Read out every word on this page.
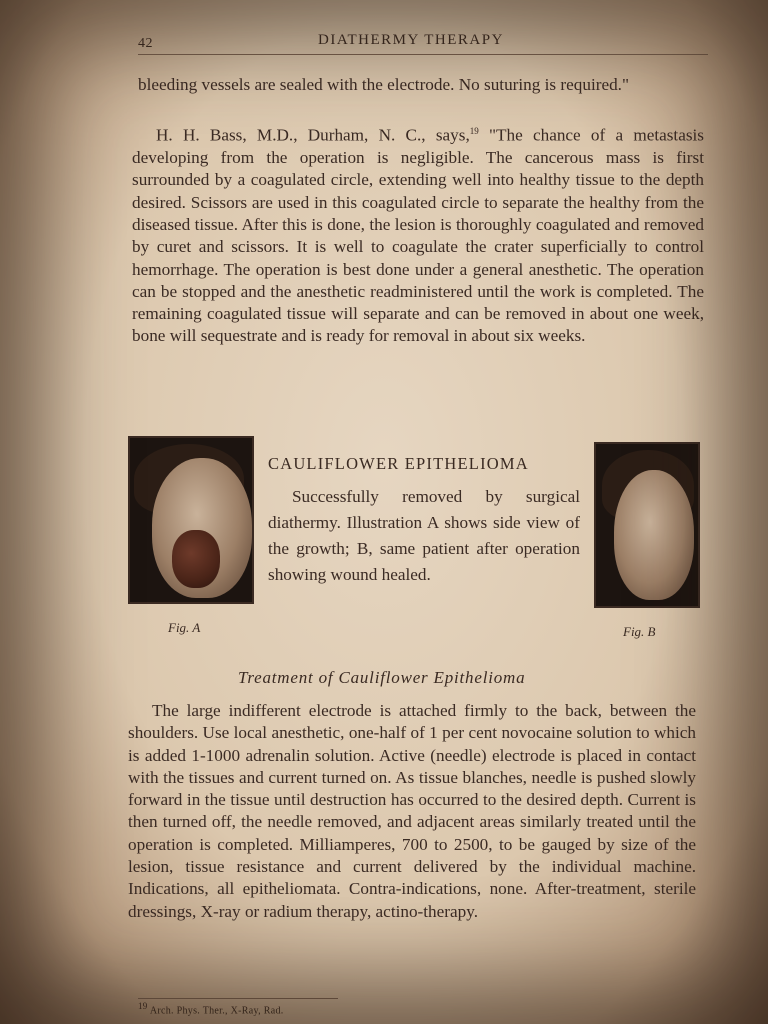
42	DIATHERMY THERAPY

bleeding vessels are sealed with the electrode. No suturing is required."

H. H. Bass, M.D., Durham, N. C., says,$^{19}$ "The chance of a metastasis developing from the operation is negligible. The cancerous mass is first surrounded by a coagulated circle, extending well into healthy tissue to the depth desired. Scissors are used in this coagulated circle to separate the healthy from the diseased tissue. After this is done, the lesion is thoroughly coagulated and removed by curet and scissors. It is well to coagulate the crater superficially to control hemorrhage. The operation is best done under a general anesthetic. The operation can be stopped and the anesthetic readministered until the work is completed. The remaining coagulated tissue will separate and can be removed in about one week, bone will sequestrate and is ready for removal in about six weeks.

CAULIFLOWER EPITHELIOMA

Successfully removed by surgical diathermy. Illustration A shows side view of the growth; B, same patient after operation showing wound healed.

Fig. A	Fig. B
Treatment of Cauliflower Epithelioma

The large indifferent electrode is attached firmly to the back, between the shoulders. Use local anesthetic, one-half of 1 per cent novocaine solution to which is added 1-1000 adrenalin solution. Active (needle) electrode is placed in contact with the tissues and current turned on. As tissue blanches, needle is pushed slowly forward in the tissue until destruction has occurred to the desired depth. Current is then turned off, the needle removed, and adjacent areas similarly treated until the operation is completed. Milliamperes, 700 to 2500, to be gauged by size of the lesion, tissue resistance and current delivered by the individual machine. Indications, all epitheliomata. Contra-indications, none. After-treatment, sterile dressings, X-ray or radium therapy, actino-therapy.

$^{19}$ Arch. Phys. Ther., X-Ray, Rad.
